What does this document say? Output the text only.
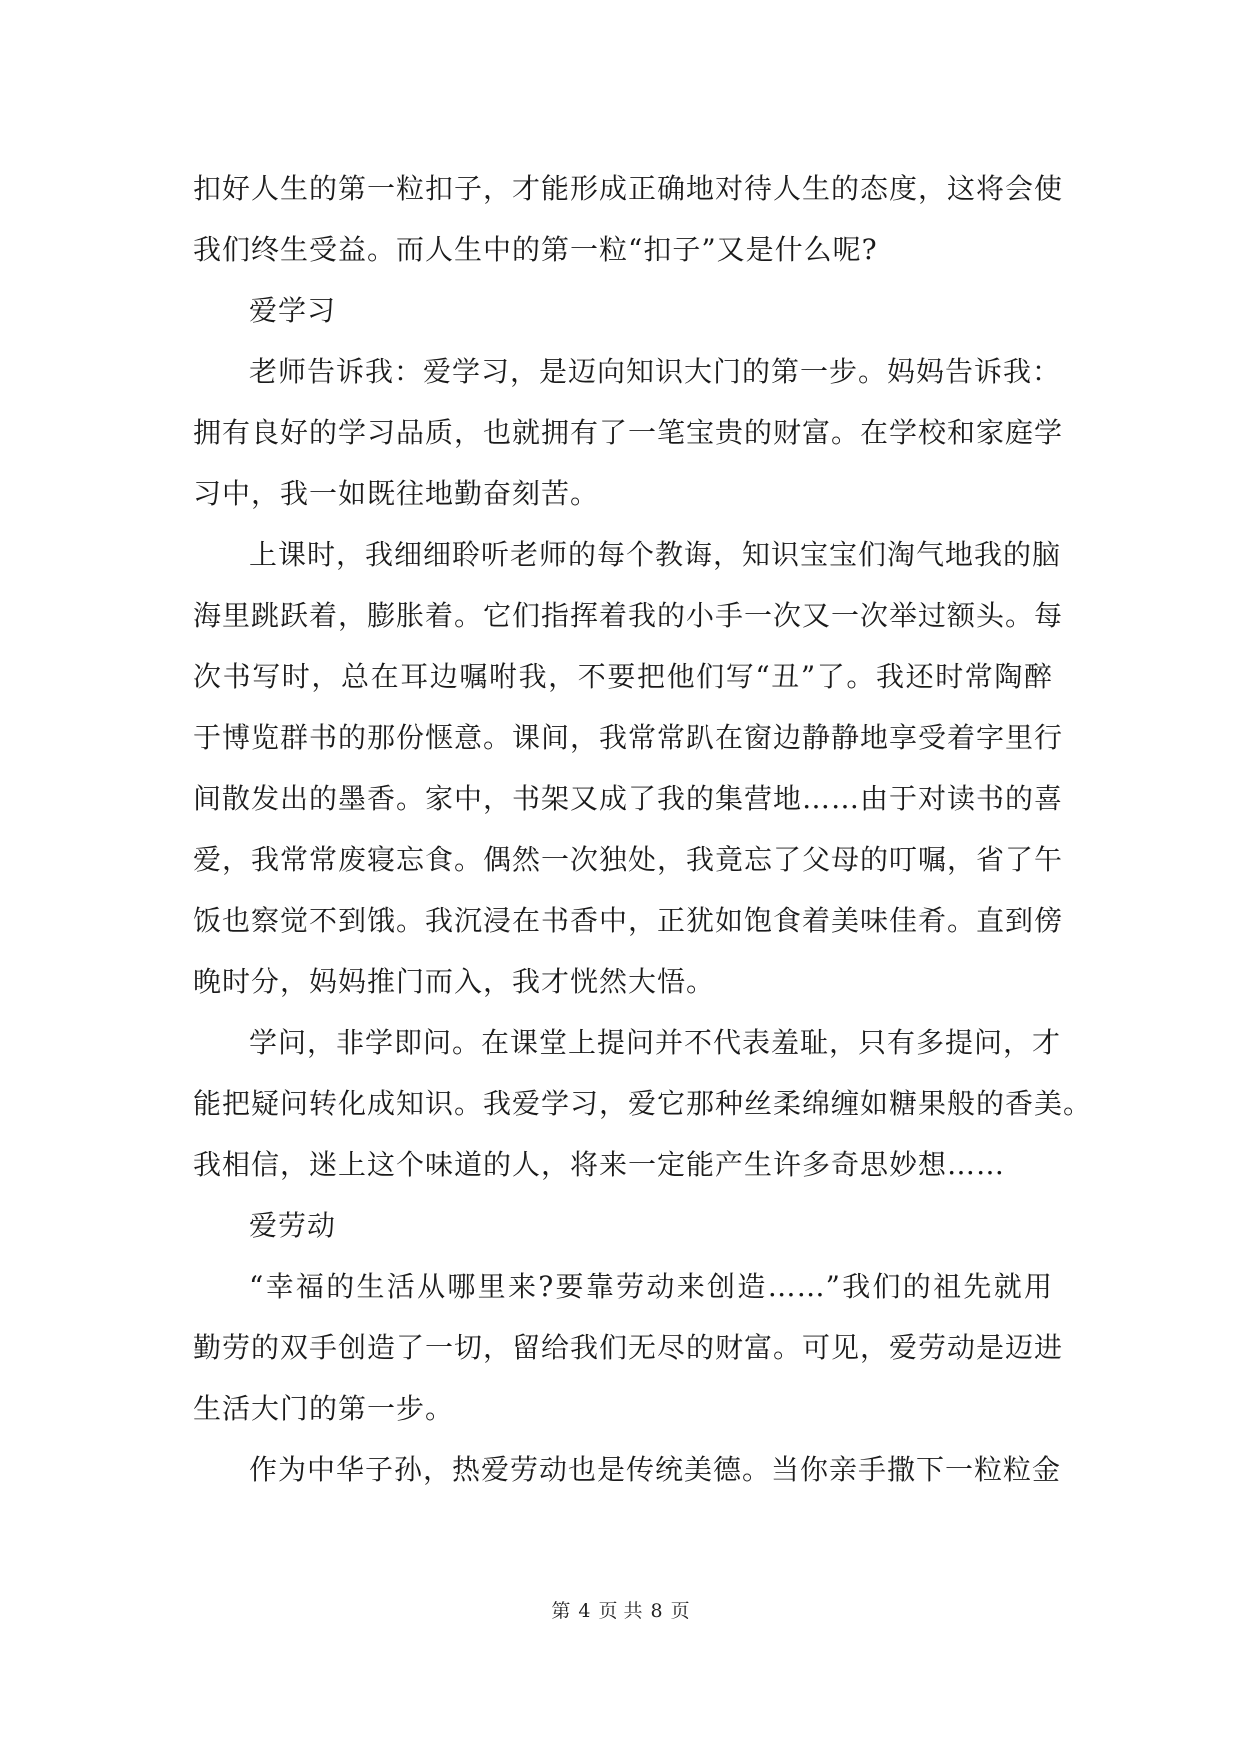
扣好人生的第一粒扣子，才能形成正确地对待人生的态度，这将会使
我们终生受益。而人生中的第一粒“扣子”又是什么呢?
爱学习
老师告诉我：爱学习，是迈向知识大门的第一步。妈妈告诉我：
拥有良好的学习品质，也就拥有了一笔宝贵的财富。在学校和家庭学
习中，我一如既往地勤奋刻苦。
上课时，我细细聆听老师的每个教诲，知识宝宝们淘气地我的脑
海里跳跃着，膨胀着。它们指挥着我的小手一次又一次举过额头。每
次书写时，总在耳边嘱咐我，不要把他们写“丑”了。我还时常陶醉
于博览群书的那份惬意。课间，我常常趴在窗边静静地享受着字里行
间散发出的墨香。家中，书架又成了我的集营地……由于对读书的喜
爱，我常常废寝忘食。偶然一次独处，我竟忘了父母的叮嘱，省了午
饭也察觉不到饿。我沉浸在书香中，正犹如饱食着美味佳肴。直到傍
晚时分，妈妈推门而入，我才恍然大悟。
学问，非学即问。在课堂上提问并不代表羞耻，只有多提问，才
能把疑问转化成知识。我爱学习，爱它那种丝柔绵缠如糖果般的香美。
我相信，迷上这个味道的人，将来一定能产生许多奇思妙想……
爱劳动
“幸福的生活从哪里来?要靠劳动来创造……”我们的祖先就用
勤劳的双手创造了一切，留给我们无尽的财富。可见，爱劳动是迈进
生活大门的第一步。
作为中华子孙，热爱劳动也是传统美德。当你亲手撒下一粒粒金
第 4 页 共 8 页
